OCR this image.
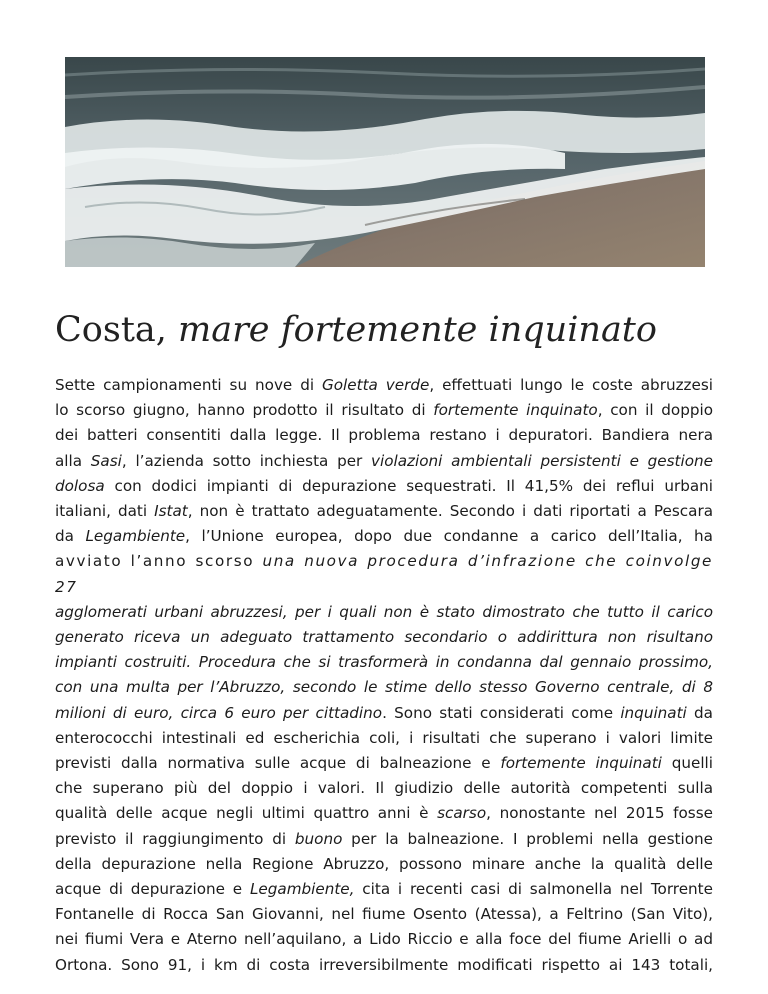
Costa, mare fortemente inquinato
Sette campionamenti su nove di Goletta verde, effettuati lungo le coste abruzzesi
lo scorso giugno, hanno prodotto il risultato di fortemente inquinato, con il doppio
dei batteri consentiti dalla legge. Il problema restano i depuratori. Bandiera nera
alla Sasi, l’azienda sotto inchiesta per violazioni ambientali persistenti e gestione
dolosa con dodici impianti di depurazione sequestrati. Il 41,5% dei reflui urbani
italiani, dati Istat, non è trattato adeguatamente. Secondo i dati riportati a Pescara
da Legambiente, l’Unione europea, dopo due condanne a carico dell’Italia, ha
avviato l’anno scorso una nuova procedura d’infrazione che coinvolge 27
agglomerati urbani abruzzesi, per i quali non è stato dimostrato che tutto il carico
generato riceva un adeguato trattamento secondario o addirittura non risultano
impianti costruiti. Procedura che si trasformerà in condanna dal gennaio prossimo,
con una multa per l’Abruzzo, secondo le stime dello stesso Governo centrale, di 8
milioni di euro, circa 6 euro per cittadino. Sono stati considerati come inquinati da
enterococchi intestinali ed escherichia coli, i risultati che superano i valori limite
previsti dalla normativa sulle acque di balneazione e fortemente inquinati quelli
che superano più del doppio i valori. Il giudizio delle autorità competenti sulla
qualità delle acque negli ultimi quattro anni è scarso, nonostante nel 2015 fosse
previsto il raggiungimento di buono per la balneazione. I problemi nella gestione
della depurazione nella Regione Abruzzo, possono minare anche la qualità delle
acque di depurazione e Legambiente, cita i recenti casi di salmonella nel Torrente
Fontanelle di Rocca San Giovanni, nel fiume Osento (Atessa), a Feltrino (San Vito),
nei fiumi Vera e Aterno nell’aquilano, a Lido Riccio e alla foce del fiume Arielli o ad
Ortona. Sono 91, i km di costa irreversibilmente modificati rispetto ai 143 totali,
